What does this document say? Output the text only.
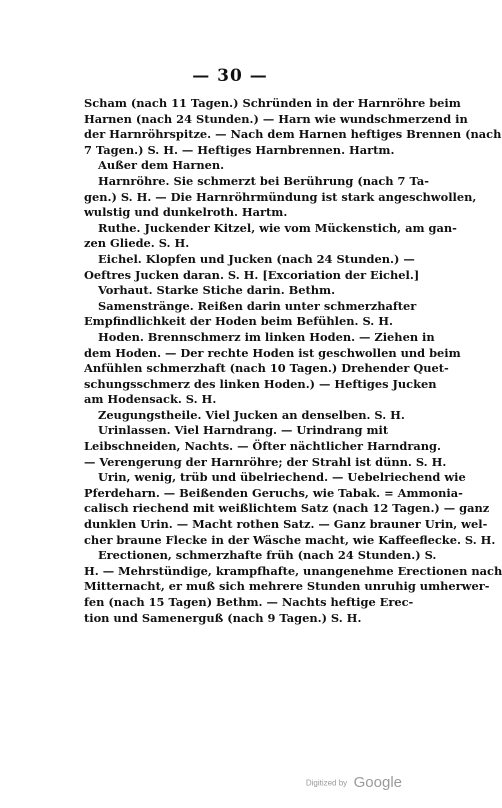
— 30 —
Scham (nach 11 Tagen.) Schründen in der Harnröhre beim
Harnen (nach 24 Stunden.) — Harn wie wundschmerzend in
der Harnröhrspitze. — Nach dem Harnen heftiges Brennen (nach
7 Tagen.) S. H. — Heftiges Harnbrennen. Hartm.
Außer dem Harnen.
Harnröhre. Sie schmerzt bei Berührung (nach 7 Ta-
gen.) S. H. — Die Harnröhrmündung ist stark angeschwollen,
wulstig und dunkelroth. Hartm.
Ruthe. Juckender Kitzel, wie vom Mückenstich, am gan-
zen Gliede. S. H.
Eichel. Klopfen und Jucken (nach 24 Stunden.) —
Oeftres Jucken daran. S. H. [Excoriation der Eichel.]
Vorhaut. Starke Stiche darin. Bethm.
Samenstränge. Reißen darin unter schmerzhafter
Empfindlichkeit der Hoden beim Befühlen. S. H.
Hoden. Brennschmerz im linken Hoden. — Ziehen in
dem Hoden. — Der rechte Hoden ist geschwollen und beim
Anfühlen schmerzhaft (nach 10 Tagen.) Drehender Quet-
schungsschmerz des linken Hoden.) — Heftiges Jucken
am Hodensack. S. H.
Zeugungstheile. Viel Jucken an denselben. S. H.
Urinlassen. Viel Harndrang. — Urindrang mit
Leibschneiden, Nachts. — Öfter nächtlicher Harndrang.
— Verengerung der Harnröhre; der Strahl ist dünn. S. H.
Urin, wenig, trüb und übelriechend. — Uebelriechend wie
Pferdeharn. — Beißenden Geruchs, wie Tabak. = Ammonia-
calisch riechend mit weißlichtem Satz (nach 12 Tagen.) — ganz
dunklen Urin. — Macht rothen Satz. — Ganz brauner Urin, wel-
cher braune Flecke in der Wäsche macht, wie Kaffeeflecke. S. H.
Erectionen, schmerzhafte früh (nach 24 Stunden.) S.
H. — Mehrstündige, krampfhafte, unangenehme Erectionen nach
Mitternacht, er muß sich mehrere Stunden unruhig umherwer-
fen (nach 15 Tagen) Bethm. — Nachts heftige Erec-
tion und Samenerguß (nach 9 Tagen.) S. H.
Digitized by Google
